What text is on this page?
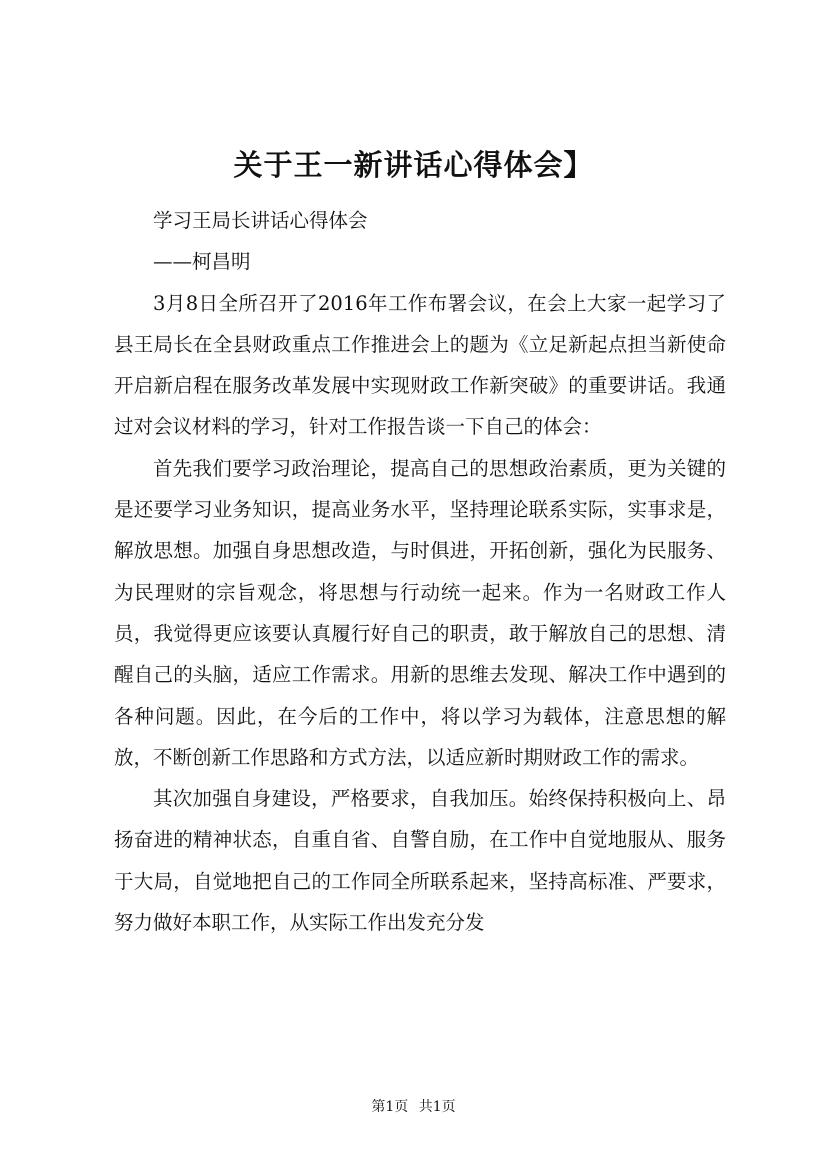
关于王一新讲话心得体会】

学习王局长讲话心得体会

——柯昌明

3月8日全所召开了2016年工作布署会议，在会上大家一起学习了县王局长在全县财政重点工作推进会上的题为《立足新起点担当新使命开启新启程在服务改革发展中实现财政工作新突破》的重要讲话。我通过对会议材料的学习，针对工作报告谈一下自己的体会：

首先我们要学习政治理论，提高自己的思想政治素质，更为关键的是还要学习业务知识，提高业务水平，坚持理论联系实际，实事求是，解放思想。加强自身思想改造，与时俱进，开拓创新，强化为民服务、为民理财的宗旨观念，将思想与行动统一起来。作为一名财政工作人员，我觉得更应该要认真履行好自己的职责，敢于解放自己的思想、清醒自己的头脑，适应工作需求。用新的思维去发现、解决工作中遇到的各种问题。因此，在今后的工作中，将以学习为载体，注意思想的解放，不断创新工作思路和方式方法，以适应新时期财政工作的需求。

其次加强自身建设，严格要求，自我加压。始终保持积极向上、昂扬奋进的精神状态，自重自省、自警自励，在工作中自觉地服从、服务于大局，自觉地把自己的工作同全所联系起来，坚持高标准、严要求，努力做好本职工作，从实际工作出发充分发

第1页 共1页
